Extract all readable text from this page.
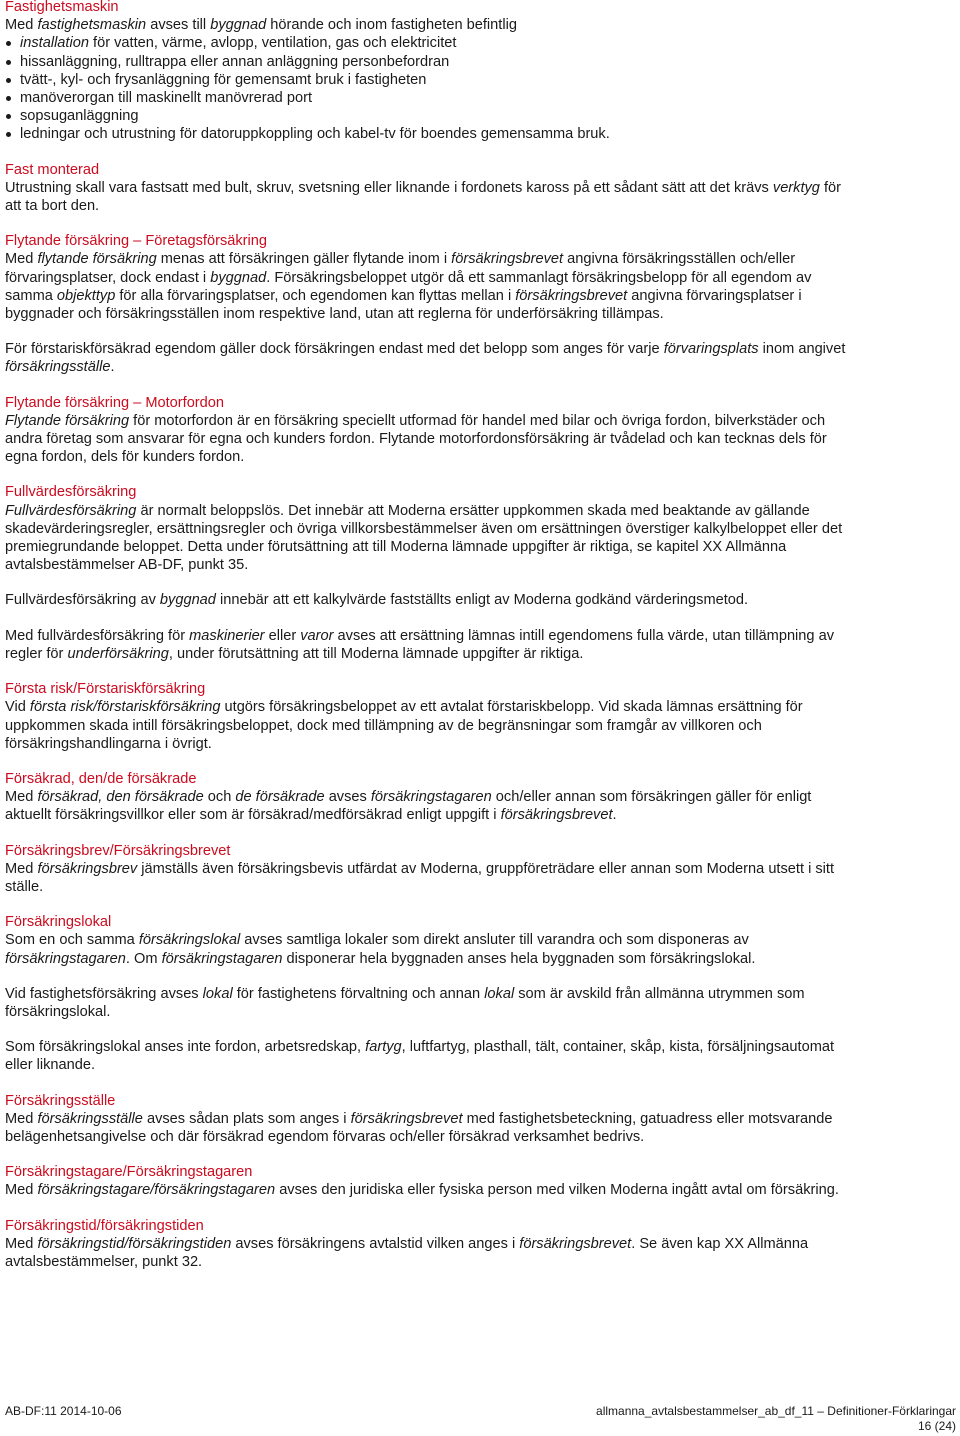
Fastighetsmaskin

Med fastighetsmaskin avses till byggnad hörande och inom fastigheten befintlig

installation för vatten, värme, avlopp, ventilation, gas och elektricitet
hissanläggning, rulltrappa eller annan anläggning personbefordran
tvätt-, kyl- och frysanläggning för gemensamt bruk i fastigheten
manöverorgan till maskinellt manövrerad port
sopsuganläggning
ledningar och utrustning för datoruppkoppling och kabel-tv för boendes gemensamma bruk.
Fast monterad

Utrustning skall vara fastsatt med bult, skruv, svetsning eller liknande i fordonets kaross på ett sådant sätt att det krävs verktyg för att ta bort den.

Flytande försäkring – Företagsförsäkring

Med flytande försäkring menas att försäkringen gäller flytande inom i försäkringsbrevet angivna försäkringsställen och/eller förvaringsplatser, dock endast i byggnad. Försäkringsbeloppet utgör då ett sammanlagt försäkringsbelopp för all egendom av samma objekttyp för alla förvaringsplatser, och egendomen kan flyttas mellan i försäkringsbrevet angivna förvaringsplatser i byggnader och försäkringsställen inom respektive land, utan att reglerna för underförsäkring tillämpas.

För förstariskförsäkrad egendom gäller dock försäkringen endast med det belopp som anges för varje förvaringsplats inom angivet försäkringsställe.

Flytande försäkring – Motorfordon

Flytande försäkring för motorfordon är en försäkring speciellt utformad för handel med bilar och övriga fordon, bilverkstäder och andra företag som ansvarar för egna och kunders fordon. Flytande motorfordonsförsäkring är tvådelad och kan tecknas dels för egna fordon, dels för kunders fordon.

Fullvärdesförsäkring

Fullvärdesförsäkring är normalt beloppslös. Det innebär att Moderna ersätter uppkommen skada med beaktande av gällande skadevärderingsregler, ersättningsregler och övriga villkorsbestämmelser även om ersättningen överstiger kalkylbeloppet eller det premiegrundande beloppet. Detta under förutsättning att till Moderna lämnade uppgifter är riktiga, se kapitel XX Allmänna avtalsbestämmelser AB-DF, punkt 35.

Fullvärdesförsäkring av byggnad innebär att ett kalkylvärde fastställts enligt av Moderna godkänd värderingsmetod.

Med fullvärdesförsäkring för maskinerier eller varor avses att ersättning lämnas intill egendomens fulla värde, utan tillämpning av regler för underförsäkring, under förutsättning att till Moderna lämnade uppgifter är riktiga.

Första risk/Förstariskförsäkring

Vid första risk/förstariskförsäkring utgörs försäkringsbeloppet av ett avtalat förstariskbelopp. Vid skada lämnas ersättning för uppkommen skada intill försäkringsbeloppet, dock med tillämpning av de begränsningar som framgår av villkoren och försäkringshandlingarna i övrigt.

Försäkrad, den/de försäkrade

Med försäkrad, den försäkrade och de försäkrade avses försäkringstagaren och/eller annan som försäkringen gäller för enligt aktuellt försäkringsvillkor eller som är försäkrad/medförsäkrad enligt uppgift i försäkringsbrevet.

Försäkringsbrev/Försäkringsbrevet

Med försäkringsbrev jämställs även försäkringsbevis utfärdat av Moderna, gruppföreträdare eller annan som Moderna utsett i sitt ställe.

Försäkringslokal

Som en och samma försäkringslokal avses samtliga lokaler som direkt ansluter till varandra och som disponeras av försäkringstagaren. Om försäkringstagaren disponerar hela byggnaden anses hela byggnaden som försäkringslokal.

Vid fastighetsförsäkring avses lokal för fastighetens förvaltning och annan lokal som är avskild från allmänna utrymmen som försäkringslokal.

Som försäkringslokal anses inte fordon, arbetsredskap, fartyg, luftfartyg, plasthall, tält, container, skåp, kista, försäljningsautomat eller liknande.

Försäkringsställe

Med försäkringsställe avses sådan plats som anges i försäkringsbrevet med fastighetsbeteckning, gatuadress eller motsvarande belägenhetsangivelse och där försäkrad egendom förvaras och/eller försäkrad verksamhet bedrivs.

Försäkringstagare/Försäkringstagaren

Med försäkringstagare/försäkringstagaren avses den juridiska eller fysiska person med vilken Moderna ingått avtal om försäkring.

Försäkringstid/försäkringstiden

Med försäkringstid/försäkringstiden avses försäkringens avtalstid vilken anges i försäkringsbrevet. Se även kap XX Allmänna avtalsbestämmelser, punkt 32.

AB-DF:11 2014-10-06	allmanna_avtalsbestammelser_ab_df_11 – Definitioner-Förklaringar
16 (24)
